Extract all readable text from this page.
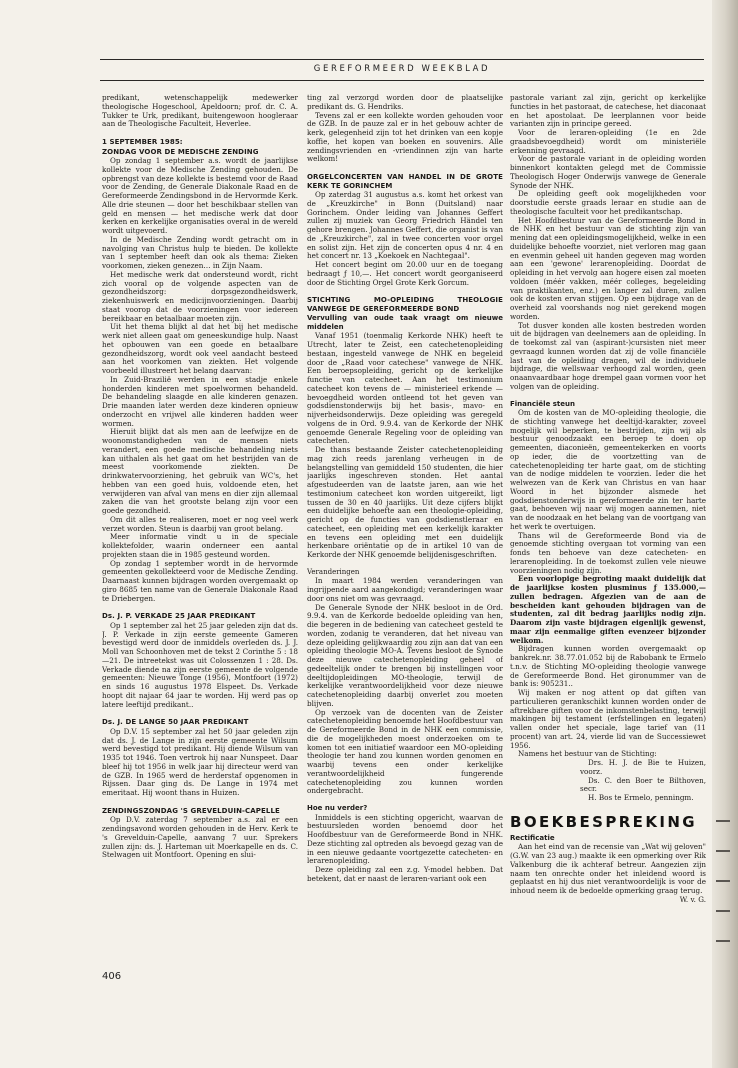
GEREFORMEERD WEEKBLAD

predikant, wetenschappelijk medewerker theologische Hogeschool, Apeldoorn; prof. dr. C. A. Tukker te Urk, predikant, buitengewoon hoogleraar aan de Theologische Faculteit, Heverlee.

1 SEPTEMBER 1985:
ZONDAG VOOR DE MEDISCHE ZENDING

Op zondag 1 september a.s. wordt de jaarlijkse kollekte voor de Medische Zending gehouden. De opbrengst van deze kollekte is bestemd voor de Raad voor de Zending, de Generale Diakonale Raad en de Gereformeerde Zendingsbond in de Hervormde Kerk. Alle drie steunen — door het beschikbaar stellen van geld en mensen — het medische werk dat door kerken en kerkelijke organisaties overal in de wereld wordt uitgevoerd.

In de Medische Zending wordt getracht om in navolging van Christus hulp te bieden. De kollekte van 1 september heeft dan ook als thema: Zieken voorkomen, zieken genezen… in Zijn Naam.

Het medische werk dat ondersteund wordt, richt zich vooral op de volgende aspecten van de gezondheidszorg: dorpsgezondheidswerk, ziekenhuiswerk en medicijnvoorzieningen. Daarbij staat voorop dat de voorzieningen voor iedereen bereikbaar en betaalbaar moeten zijn.

Uit het thema blijkt al dat het bij het medische werk niet alleen gaat om geneeskundige hulp. Naast het opbouwen van een goede en betaalbare gezondheidszorg, wordt ook veel aandacht besteed aan het voorkomen van ziekten. Het volgende voorbeeld illustreert het belang daarvan:

In Zuid-Brazilië werden in een stadje enkele honderden kinderen met spoelwormen behandeld. De behandeling slaagde en alle kinderen genazen. Drie maanden later werden deze kinderen opnieuw onderzocht en vrijwel alle kinderen hadden weer wormen.

Hieruit blijkt dat als men aan de leefwijze en de woonomstandigheden van de mensen niets verandert, een goede medische behandeling niets kan uithalen als het gaat om het bestrijden van de meest voorkomende ziekten. De drinkwatervoorziening, het gebruik van WC's, het hebben van een goed huis, voldoende eten, het verwijderen van afval van mens en dier zijn allemaal zaken die van het grootste belang zijn voor een goede gezondheid.

Om dit alles te realiseren, moet er nog veel werk verzet worden. Steun is daarbij van groot belang.

Meer informatie vindt u in de speciale kollektefolder, waarin onderneer een aantal projekten staan die in 1985 gesteund worden.

Op zondag 1 september wordt in de hervormde gemeenten gekollekteerd voor de Medische Zending. Daarnaast kunnen bijdragen worden overgemaakt op giro 8685 ten name van de Generale Diakonale Raad te Driebergen.

Ds. J. P. VERKADE 25 JAAR PREDIKANT

Op 1 september zal het 25 jaar geleden zijn dat ds. J. P. Verkade in zijn eerste gemeente Gameren bevestigd werd door de inmiddels overleden ds. J. J. Moll van Schoonhoven met de tekst 2 Corinthe 5 : 18—21. De intreetekst was uit Colossenzen 1 : 28. Ds. Verkade diende na zijn eerste gemeente de volgende gemeenten: Nieuwe Tonge (1956), Montfoort (1972) en sinds 16 augustus 1978 Elspeet. Ds. Verkade hoopt dit najaar 64 jaar te worden. Hij werd pas op latere leeftijd predikant..

Ds. J. DE LANGE 50 JAAR PREDIKANT

Op D.V. 15 september zal het 50 jaar geleden zijn dat ds. J. de Lange in zijn eerste gemeente Wilsum werd bevestigd tot predikant. Hij diende Wilsum van 1935 tot 1946. Toen vertrok hij naar Nunspeet. Daar bleef hij tot 1956 in welk jaar hij directeur werd van de GZB. In 1965 werd de herderstaf opgenomen in Rijssen. Daar ging ds. De Lange in 1974 met emeritaat. Hij woont thans in Huizen.

ZENDINGSZONDAG 'S GREVELDUIN-CAPELLE

Op D.V. zaterdag 7 september a.s. zal er een zendingsavond worden gehouden in de Herv. Kerk te 's Grevelduin-Capelle, aanvang 7 uur. Sprekers zullen zijn: ds. J. Harteman uit Moerkapelle en ds. C. Stelwagen uit Montfoort. Opening en slui-

ting zal verzorgd worden door de plaatselijke predikant ds. G. Hendriks.

Tevens zal er een kollekte worden gehouden voor de GZB. In de pauze zal er in het gebouw achter de kerk, gelegenheid zijn tot het drinken van een kopje koffie, het kopen van boeken en souvenirs. Alle zendingsvrienden en -vriendinnen zijn van harte welkom!

ORGELCONCERTEN VAN HANDEL IN DE GROTE KERK TE GORINCHEM

Op zaterdag 31 augustus a.s. komt het orkest van de „Kreuzkirche" in Bonn (Duitsland) naar Gorinchem. Onder leiding van Johannes Geffert zullen zij muziek van Georg Friedrich Händel ten gehore brengen. Johannes Geffert, die organist is van de „Kreuzkirche", zal in twee concerten voor orgel en solist zijn. Het zijn de concerten opus 4 nr. 4 en het concert nr. 13 „Koekoek en Nachtegaal".

Het concert begint om 20.00 uur en de toegang bedraagt ƒ 10,—. Het concert wordt georganiseerd door de Stichting Orgel Grote Kerk Gorcum.

STICHTING MO-OPLEIDING THEOLOGIE VANWEGE DE GEREFORMEERDE BOND
Vervulling van oude taak vraagt om nieuwe middelen

Vanaf 1951 (toenmalig Kerkorde NHK) heeft te Utrecht, later te Zeist, een catechetenopleiding bestaan, ingesteld vanwege de NHK en begeleid door de „Raad voor catechese" vanwege de NHK. Een beroepsopleiding, gericht op de kerkelijke functie van catecheet. Aan het testimonium catecheet kon tevens de — ministerieel erkende — bevoegdheid worden ontleend tot het geven van godsdienstonderwijs bij het basis-, mavo- en nijverheidsonderwijs. Deze opleiding was geregeld volgens de in Ord. 9.9.4. van de Kerkorde der NHK genoemde Generale Regeling voor de opleiding van catecheten.

De thans bestaande Zeister catechetenopleiding mag zich reeds jarenlang verheugen in de belangstelling van gemiddeld 150 studenten, die hier jaarlijks ingeschreven stonden. Het aantal afgestudeerden van de laatste jaren, aan wie het testimonium catecheet kon worden uitgereikt, ligt tussen de 30 en 40 jaarlijks. Uit deze cijfers blijkt een duidelijke behoefte aan een theologie-opleiding, gericht op de functies van godsdienstleraar en catecheet, een opleiding met een kerkelijk karakter en tevens een opleiding met een duidelijk herkenbare oriëntatie op de in artikel 10 van de Kerkorde der NHK genoemde belijdenisgeschriften.

Veranderingen

In maart 1984 werden veranderingen van ingrijpende aard aangekondigd; veranderingen waar door ons niet om was gevraagd.

De Generale Synode der NHK besloot in de Ord. 9.9.4. van de Kerkorde bedoelde opleiding van hen, die begeren in de bediening van catecheet gesteld te worden, zodanig te veranderen, dat het niveau van deze opleiding gelijkwaardig zou zijn aan dat van een opleiding theologie MO-A. Tevens besloot de Synode deze nieuwe catechetenopleiding geheel of gedeeltelijk onder te brengen bij instellingen voor deeltijdopleidingen MO-theologie, terwijl de kerkelijke verantwoordelijkheid voor deze nieuwe catechetenopleiding daarbij onverlet zou moeten blijven.

Op verzoek van de docenten van de Zeister catechetenopleiding benoemde het Hoofdbestuur van de Gereformeerde Bond in de NHK een commissie, die de mogelijkheden moest onderzoeken om te komen tot een initiatief waardoor een MO-opleiding theologie ter hand zou kunnen worden genomen en waarbij tevens een onder kerkelijke verantwoordelijkheid fungerende catechetenopleiding zou kunnen worden ondergebracht.

Hoe nu verder?

Inmiddels is een stichting opgericht, waarvan de bestuursleden worden benoemd door het Hoofdbestuur van de Gereformeerde Bond in NHK. Deze stichting zal optreden als bevoegd gezag van de in een nieuwe gedaante voortgezette catecheten- en lerarenopleiding.

Deze opleiding zal een z.g. Y-model hebben. Dat betekent, dat er naast de leraren-variant ook een

pastorale variant zal zijn, gericht op kerkelijke functies in het pastoraat, de catechese, het diaconaat en het apostolaat. De leerplannen voor beide varianten zijn in principe gereed.

Voor de leraren-opleiding (1e en 2de graadsbevoegdheid) wordt om ministeriële erkenning gevraagd.

Voor de pastorale variant in de opleiding worden binnenkort kontakten gelegd met de Commissie Theologisch Hoger Onderwijs vanwege de Generale Synode der NHK.

De opleiding geeft ook mogelijkheden voor doorstudie eerste graads leraar en studie aan de theologische faculteit voor het predikantschap.

Het Hoofdbestuur van de Gereformeerde Bond in de NHK en het bestuur van de stichting zijn van mening dat een opleidingsmogelijkheid, welke in een duidelijke behoefte voorziet, niet verloren mag gaan en evenmin geheel uit handen gegeven mag worden aan een 'gewone' lerarenopleiding. Doordat de opleiding in het vervolg aan hogere eisen zal moeten voldoen (méér vakken, méér colleges, begeleiding van praktikanten, enz.) en langer zal duren, zullen ook de kosten ervan stijgen. Op een bijdrage van de overheid zal voorshands nog niet gerekend mogen worden.

Tot dusver konden alle kosten bestreden worden uit de bijdragen van deelnemers aan de opleiding. In de toekomst zal van (aspirant-)cursisten niet meer gevraagd kunnen worden dat zij de volle financiële last van de opleiding dragen, wil de individuele bijdrage, die wellswaar verhoogd zal worden, geen onaanvaardbaar hoge drempel gaan vormen voor het volgen van de opleiding.

Financiële steun

Om de kosten van de MO-opleiding theologie, die de stichting vanwege het deeltijd-karakter, zoveel mogelijk wil beperken, te bestrijden, zijn wij als bestuur genoodzaakt een beroep te doen op gemeenten, diaconieën, gemeentekerken en voorts op ieder, die de voortzetting van de catechetenopleiding ter harte gaat, om de stichting van de nodige middelen te voorzien. Ieder die het welwezen van de Kerk van Christus en van haar Woord in het bijzonder alsmede het godsdienstonderwijs in gereformeerde zin ter harte gaat, behoeven wij naar wij mogen aannemen, niet van de noodzaak en het belang van de voortgang van het werk te overtuigen.

Thans wil de Gereformeerde Bond via de genoemde stichting overgaan tot vorming van een fonds ten behoeve van deze catecheten- en lerarenopleiding. In de toekomst zullen vele nieuwe voorzieningen nodig zijn.

Een voorlopige begroting maakt duidelijk dat de jaarlijkse kosten plusminus ƒ 135.000,— zullen bedragen. Afgezien van de aan de bescheiden kant gehouden bijdragen van de studenten, zal dit bedrag jaarlijks nodig zijn. Daarom zijn vaste bijdragen eigenlijk gewenst, maar zijn eenmalige giften evenzeer bijzonder welkom.

Bijdragen kunnen worden overgemaakt op bankrek.nr. 38.77.01.052 bij de Rabobank te Ermelo t.n.v. de Stichting MO-opleiding theologie vanwege de Gereformeerde Bond. Het gironummer van de bank is: 905231..

Wij maken er nog attent op dat giften van particulieren gerankschikt kunnen worden onder de aftrekbare giften voor de inkomstenbelasting, terwijl makingen bij testament (erfstellingen en legaten) vallen onder het speciale, lage tarief van (11 procent) van art. 24, vierde lid van de Successiewet 1956.

Namens het bestuur van de Stichting:

Drs. H. J. de Bie te Huizen, voorz.

Ds. C. den Boer te Bilthoven, secr.

H. Bos te Ermelo, penningm.

BOEKBESPREKING
Rectificatie

Aan het eind van de recensie van „Wat wij geloven" (G.W. van 23 aug.) maakte ik een opmerking over Rik Valkenburg die ik achteraf betreur. Aangezien zijn naam ten onrechte onder het inleidend woord is geplaatst en hij dus niet verantwoordelijk is voor de inhoud neem ik de bedoelde opmerking graag terug.

W. v. G.

406
